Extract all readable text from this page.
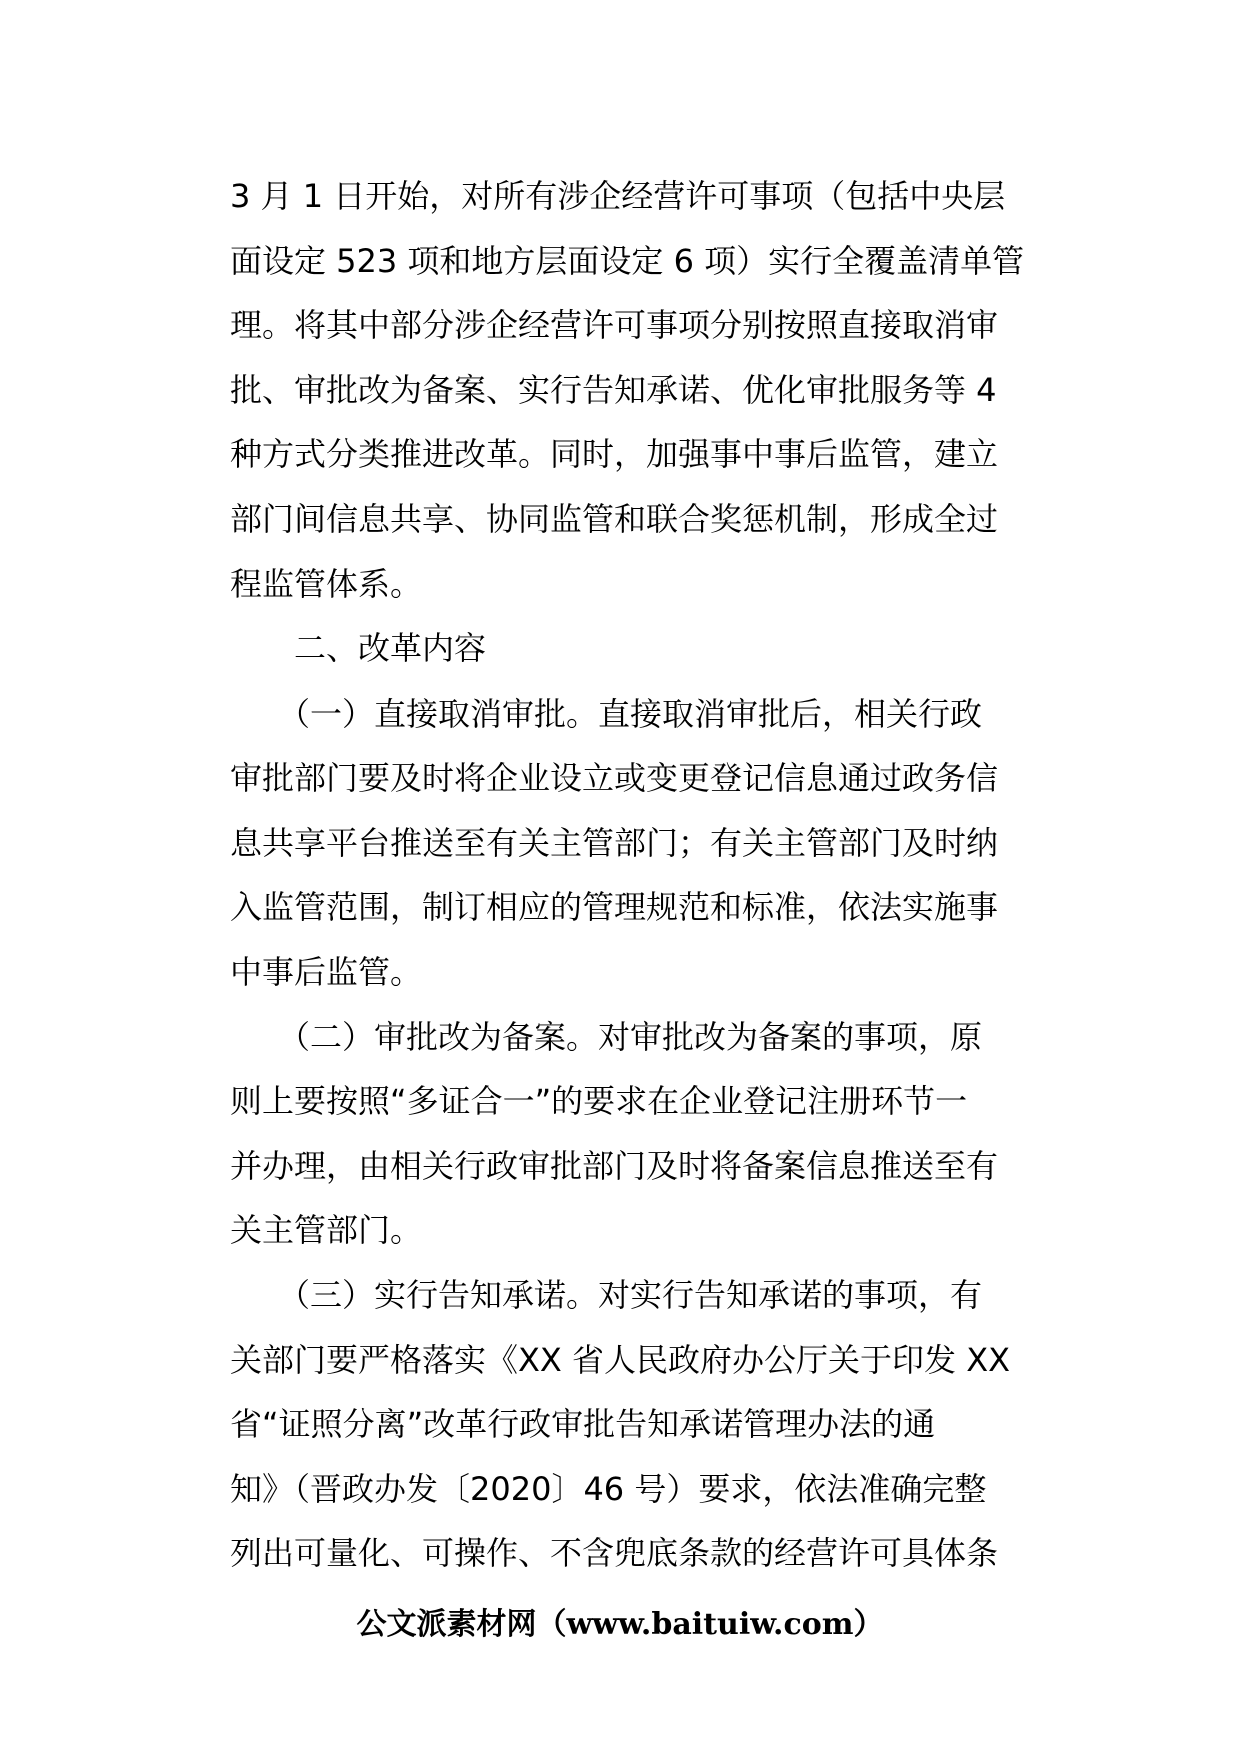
3 月 1 日开始，对所有涉企经营许可事项（包括中央层
面设定 523 项和地方层面设定 6 项）实行全覆盖清单管
理。将其中部分涉企经营许可事项分别按照直接取消审
批、审批改为备案、实行告知承诺、优化审批服务等 4
种方式分类推进改革。同时，加强事中事后监管，建立
部门间信息共享、协同监管和联合奖惩机制，形成全过
程监管体系。
　　二、改革内容
　　（一）直接取消审批。直接取消审批后，相关行政
审批部门要及时将企业设立或变更登记信息通过政务信
息共享平台推送至有关主管部门；有关主管部门及时纳
入监管范围，制订相应的管理规范和标准，依法实施事
中事后监管。
　　（二）审批改为备案。对审批改为备案的事项，原
则上要按照“多证合一”的要求在企业登记注册环节一
并办理，由相关行政审批部门及时将备案信息推送至有
关主管部门。
　　（三）实行告知承诺。对实行告知承诺的事项，有
关部门要严格落实《XX 省人民政府办公厅关于印发 XX
省“证照分离”改革行政审批告知承诺管理办法的通
知》（晋政办发〔2020〕46 号）要求，依法准确完整
列出可量化、可操作、不含兜底条款的经营许可具体条
公文派素材网（www.baituiw.com）
